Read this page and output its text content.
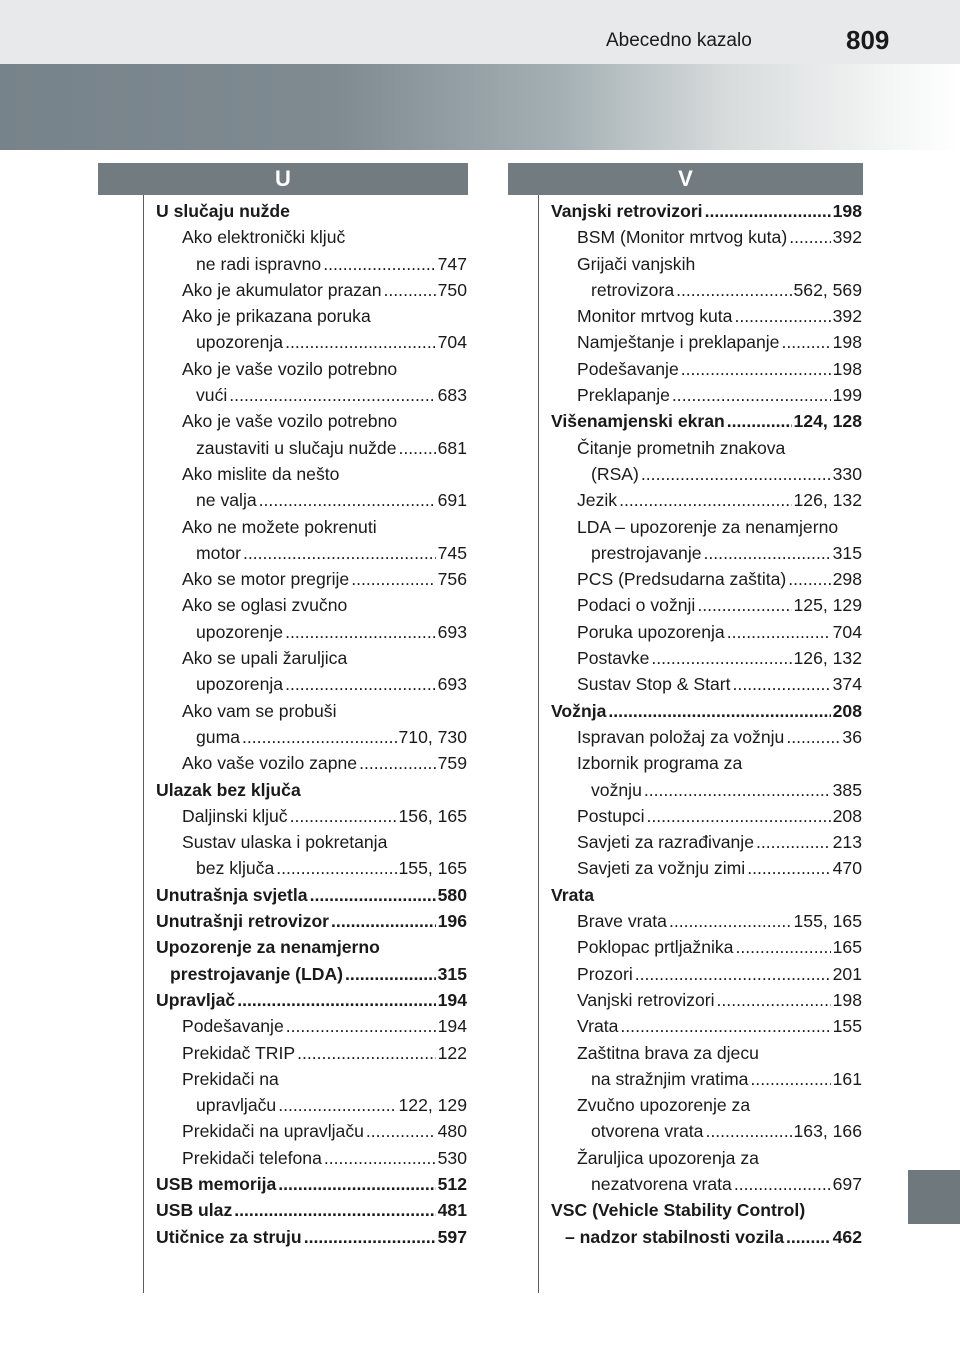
Abecedno kazalo	809
U	V
U slučaju nužde
Ako elektronički ključ
ne radi ispravno .....	747
Ako je akumulator prazan .....	750
Ako je prikazana poruka
upozorenja .....	704
Ako je vaše vozilo potrebno
vući .....	683
Ako je vaše vozilo potrebno
zaustaviti u slučaju nužde ..... 681
Ako mislite da nešto
ne valja .....	691
Ako ne možete pokrenuti
motor .....	745
Ako se motor pregrije .....	756
Ako se oglasi zvučno
upozorenje .....	693
Ako se upali žaruljica
upozorenja .....	693
Ako vam se probuši
guma .....	710, 730
Ako vaše vozilo zapne .....	759
Ulazak bez ključa
Daljinski ključ .....	156, 165
Sustav ulaska i pokretanja
bez ključa .....	155, 165
Unutrašnja svjetla .....	580
Unutrašnji retrovizor .....	196
Upozorenje za nenamjerno
prestrojavanje (LDA) .....	315
Upravljač .....	194
Podešavanje .....	194
Prekidač TRIP .....	122
Prekidači na
upravljaču .....	122, 129
Prekidači na upravljaču .....	480
Prekidači telefona .....	530
USB memorija .....	512
USB ulaz .....	481
Utičnice za struju .....	597
Vanjski retrovizori .....	198
BSM (Monitor mrtvog kuta) .....	392
Grijači vanjskih
retrovizora .....	562, 569
Monitor mrtvog kuta .....	392
Namještanje i preklapanje .....	198
Podešavanje .....	198
Preklapanje .....	199
Višenamjenski ekran .....	124, 128
Čitanje prometnih znakova
(RSA) .....	330
Jezik .....	126, 132
LDA – upozorenje za nenamjerno
prestrojavanje .....	315
PCS (Predsudarna zaštita) .....	298
Podaci o vožnji .....	125, 129
Poruka upozorenja .....	704
Postavke .....	126, 132
Sustav Stop & Start .....	374
Vožnja .....	208
Ispravan položaj za vožnju .....	36
Izbornik programa za
vožnju .....	385
Postupci .....	208
Savjeti za razrađivanje .....	213
Savjeti za vožnju zimi .....	470
Vrata
Brave vrata .....	155, 165
Poklopac prtljažnika .....	165
Prozori .....	201
Vanjski retrovizori .....	198
Vrata .....	155
Zaštitna brava za djecu
na stražnjim vratima .....	161
Zvučno upozorenje za
otvorena vrata .....	163, 166
Žaruljica upozorenja za
nezatvorena vrata .....	697
VSC (Vehicle Stability Control)
– nadzor stabilnosti vozila .....	462
